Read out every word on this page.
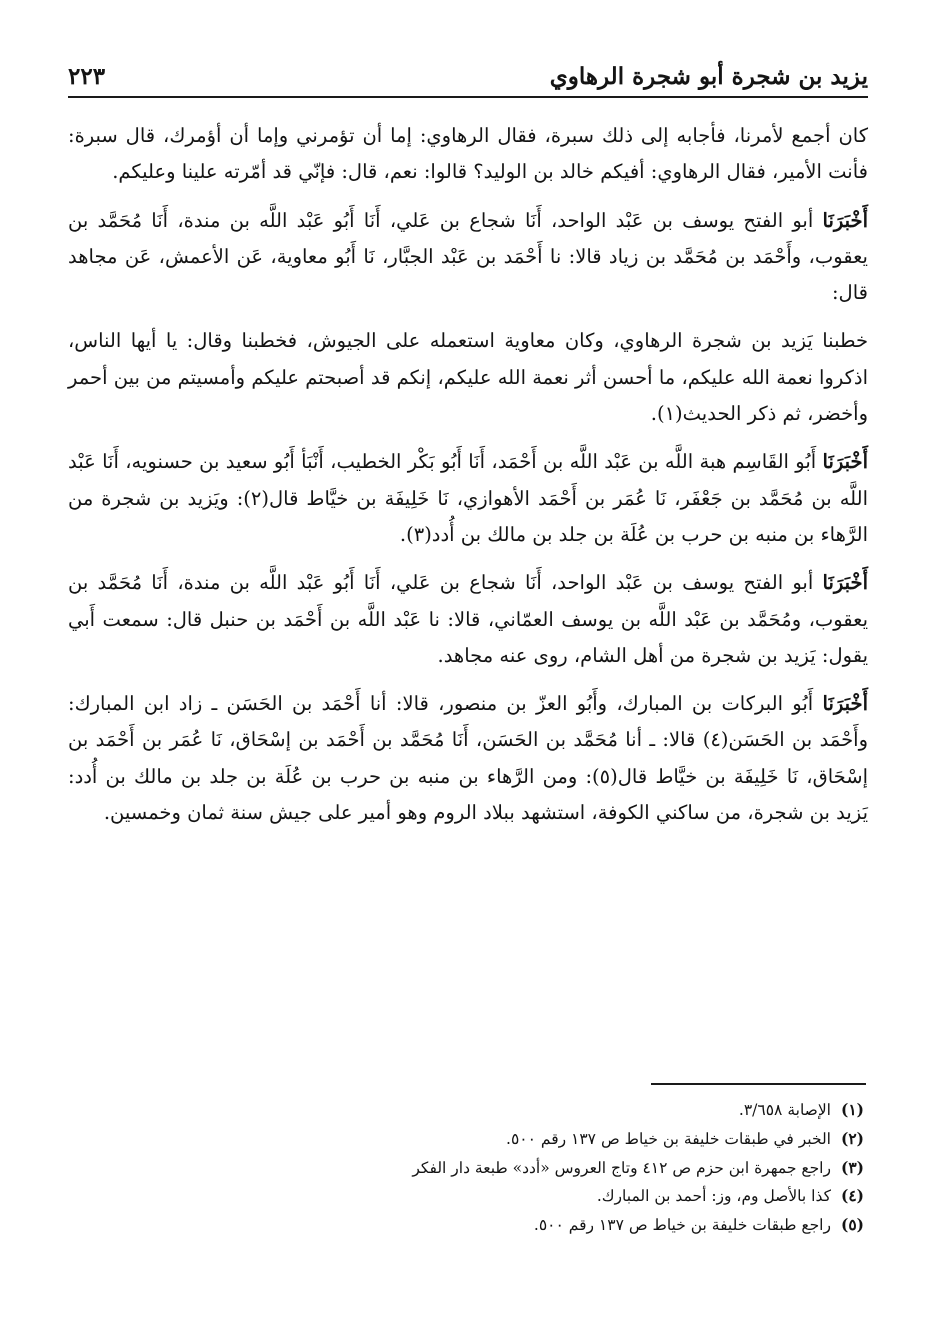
يزيد بن شجرة أبو شجرة الرهاوي
٢٢٣

كان أجمع لأمرنا، فأجابه إلى ذلك سبرة، فقال الرهاوي: إما أن تؤمرني وإما أن أؤمرك، قال سبرة: فأنت الأمير، فقال الرهاوي: أفيكم خالد بن الوليد؟ قالوا: نعم، قال: فإنّي قد أمّرته علينا وعليكم.

أَخْبَرَنَا أبو الفتح يوسف بن عَبْد الواحد، أَنَا شجاع بن عَلي، أَنَا أَبُو عَبْد اللَّه بن مندة، أَنَا مُحَمَّد بن يعقوب، وأَحْمَد بن مُحَمَّد بن زياد قالا: نا أَحْمَد بن عَبْد الجبَّار، نَا أَبُو معاوية، عَن الأعمش، عَن مجاهد قال:

خطبنا يَزيد بن شجرة الرهاوي، وكان معاوية استعمله على الجيوش، فخطبنا وقال: يا أيها الناس، اذكروا نعمة الله عليكم، ما أحسن أثر نعمة الله عليكم، إنكم قد أصبحتم عليكم وأمسيتم من بين أحمر وأخضر، ثم ذكر الحديث(١).

أَخْبَرَنَا أَبُو القَاسِم هبة اللَّه بن عَبْد اللَّه بن أَحْمَد، أَنَا أَبُو بَكْر الخطيب، أَنْبَأ أَبُو سعيد بن حسنويه، أَنَا عَبْد اللَّه بن مُحَمَّد بن جَعْفَر، نَا عُمَر بن أَحْمَد الأهوازي، نَا خَلِيفَة بن خيَّاط قال(٢): ويَزيد بن شجرة من الرَّهاء بن منبه بن حرب بن عُلَة بن جلد بن مالك بن أُدد(٣).

أَخْبَرَنَا أبو الفتح يوسف بن عَبْد الواحد، أَنَا شجاع بن عَلي، أَنَا أَبُو عَبْد اللَّه بن مندة، أَنَا مُحَمَّد بن يعقوب، ومُحَمَّد بن عَبْد اللَّه بن يوسف العمّاني، قالا: نا عَبْد اللَّه بن أَحْمَد بن حنبل قال: سمعت أَبي يقول: يَزيد بن شجرة من أهل الشام، روى عنه مجاهد.

أَخْبَرَنَا أَبُو البركات بن المبارك، وأَبُو العزّ بن منصور، قالا: أنا أَحْمَد بن الحَسَن ـ زاد ابن المبارك: وأَحْمَد بن الحَسَن(٤) قالا: ـ أنا مُحَمَّد بن الحَسَن، أَنَا مُحَمَّد بن أَحْمَد بن إسْحَاق، نَا عُمَر بن أَحْمَد بن إسْحَاق، نَا خَلِيفَة بن خيَّاط قال(٥): ومن الرَّهاء بن منبه بن حرب بن عُلَة بن جلد بن مالك بن أُدد: يَزيد بن شجرة، من ساكني الكوفة، استشهد ببلاد الروم وهو أمير على جيش سنة ثمان وخمسين.

(١)
الإصابة ٣/٦٥٨.
(٢)
الخبر في طبقات خليفة بن خياط ص ١٣٧ رقم ٥٠٠.
(٣)
راجع جمهرة ابن حزم ص ٤١٢ وتاج العروس «أدد» طبعة دار الفكر
(٤)
كذا بالأصل وم، وز: أحمد بن المبارك.
(٥)
راجع طبقات خليفة بن خياط ص ١٣٧ رقم ٥٠٠.
